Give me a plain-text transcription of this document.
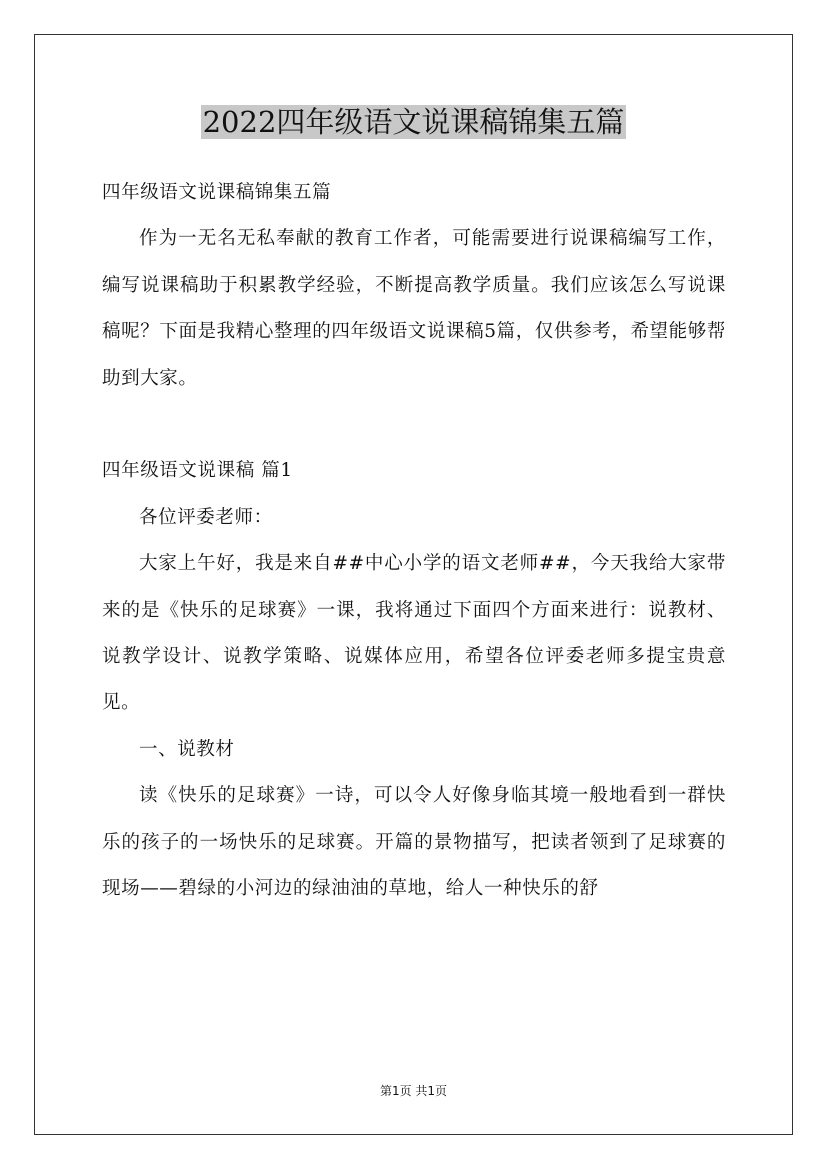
2022四年级语文说课稿锦集五篇

四年级语文说课稿锦集五篇

作为一无名无私奉献的教育工作者，可能需要进行说课稿编写工作，编写说课稿助于积累教学经验，不断提高教学质量。我们应该怎么写说课稿呢？下面是我精心整理的四年级语文说课稿5篇，仅供参考，希望能够帮助到大家。

四年级语文说课稿 篇1

各位评委老师：

大家上午好，我是来自##中心小学的语文老师##，今天我给大家带来的是《快乐的足球赛》一课，我将通过下面四个方面来进行：说教材、说教学设计、说教学策略、说媒体应用，希望各位评委老师多提宝贵意见。

一、说教材

读《快乐的足球赛》一诗，可以令人好像身临其境一般地看到一群快乐的孩子的一场快乐的足球赛。开篇的景物描写，把读者领到了足球赛的现场——碧绿的小河边的绿油油的草地，给人一种快乐的舒

第1页 共1页
